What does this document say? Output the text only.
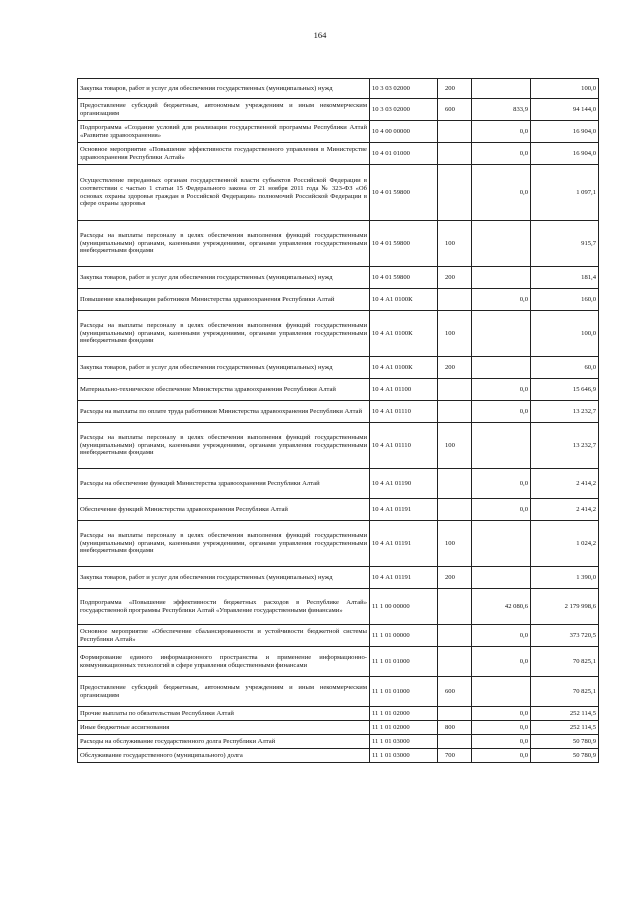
164
Закупка товаров, работ и услуг для обеспечения государственных (муниципальных) нужд	10 3 03 02000	200		100,0
Предоставление субсидий бюджетным, автономным учреждениям и иным некоммерческим организациям	10 3 03 02000	600	833,9	94 144,0
Подпрограмма «Создание условий для реализации государственной программы Республики Алтай «Развитие здравоохранения»	10 4 00 00000		0,0	16 904,0
Основное мероприятие «Повышение эффективности государственного управления в Министерстве здравоохранения Республики Алтай»	10 4 01 01000		0,0	16 904,0
Осуществление переданных органам государственной власти субъектов Российской Федерации в соответствии с частью 1 статьи 15 Федерального закона от 21 ноября 2011 года № 323-ФЗ «Об основах охраны здоровья граждан в Российской Федерации» полномочий Российской Федерации в сфере охраны здоровья	10 4 01 59800		0,0	1 097,1
Расходы на выплаты персоналу в целях обеспечения выполнения функций государственными (муниципальными) органами, казенными учреждениями, органами управления государственными внебюджетными фондами	10 4 01 59800	100		915,7
Закупка товаров, работ и услуг для обеспечения государственных (муниципальных) нужд	10 4 01 59800	200		181,4
Повышение квалификации работников Министерства здравоохранения Республики Алтай	10 4 А1 0100К		0,0	160,0
Расходы на выплаты персоналу в целях обеспечения выполнения функций государственными (муниципальными) органами, казенными учреждениями, органами управления государственными внебюджетными фондами	10 4 А1 0100К	100		100,0
Закупка товаров, работ и услуг для обеспечения государственных (муниципальных) нужд	10 4 А1 0100К	200		60,0
Материально-техническое обеспечение Министерства здравоохранения Республики Алтай	10 4 А1 01100		0,0	15 646,9
Расходы на выплаты по оплате труда работников Министерства здравоохранения Республики Алтай	10 4 А1 01110		0,0	13 232,7
Расходы на выплаты персоналу в целях обеспечения выполнения функций государственными (муниципальными) органами, казенными учреждениями, органами управления государственными внебюджетными фондами	10 4 А1 01110	100		13 232,7
Расходы на обеспечение функций Министерства здравоохранения Республики Алтай	10 4 А1 01190		0,0	2 414,2
Обеспечение функций Министерства здравоохранения Республики Алтай	10 4 А1 01191		0,0	2 414,2
Расходы на выплаты персоналу в целях обеспечения выполнения функций государственными (муниципальными) органами, казенными учреждениями, органами управления государственными внебюджетными фондами	10 4 А1 01191	100		1 024,2
Закупка товаров, работ и услуг для обеспечения государственных (муниципальных) нужд	10 4 А1 01191	200		1 390,0
Подпрограмма «Повышение эффективности бюджетных расходов в Республике Алтай» государственной программы Республики Алтай «Управление государственными финансами»	11 1 00 00000		42 080,6	2 179 998,6
Основное мероприятие «Обеспечение сбалансированности и устойчивости бюджетной системы Республики Алтай»	11 1 01 00000		0,0	373 720,5
Формирование единого информационного пространства и применение информационно-коммуникационных технологий в сфере управления общественными финансами	11 1 01 01000		0,0	70 825,1
Предоставление субсидий бюджетным, автономным учреждениям и иным некоммерческим организациям	11 1 01 01000	600		70 825,1
Прочие выплаты по обязательствам Республики Алтай	11 1 01 02000		0,0	252 114,5
Иные бюджетные ассигнования	11 1 01 02000	800	0,0	252 114,5
Расходы на обслуживание государственного долга Республики Алтай	11 1 01 03000		0,0	50 780,9
Обслуживание государственного (муниципального) долга	11 1 01 03000	700	0,0	50 780,9
